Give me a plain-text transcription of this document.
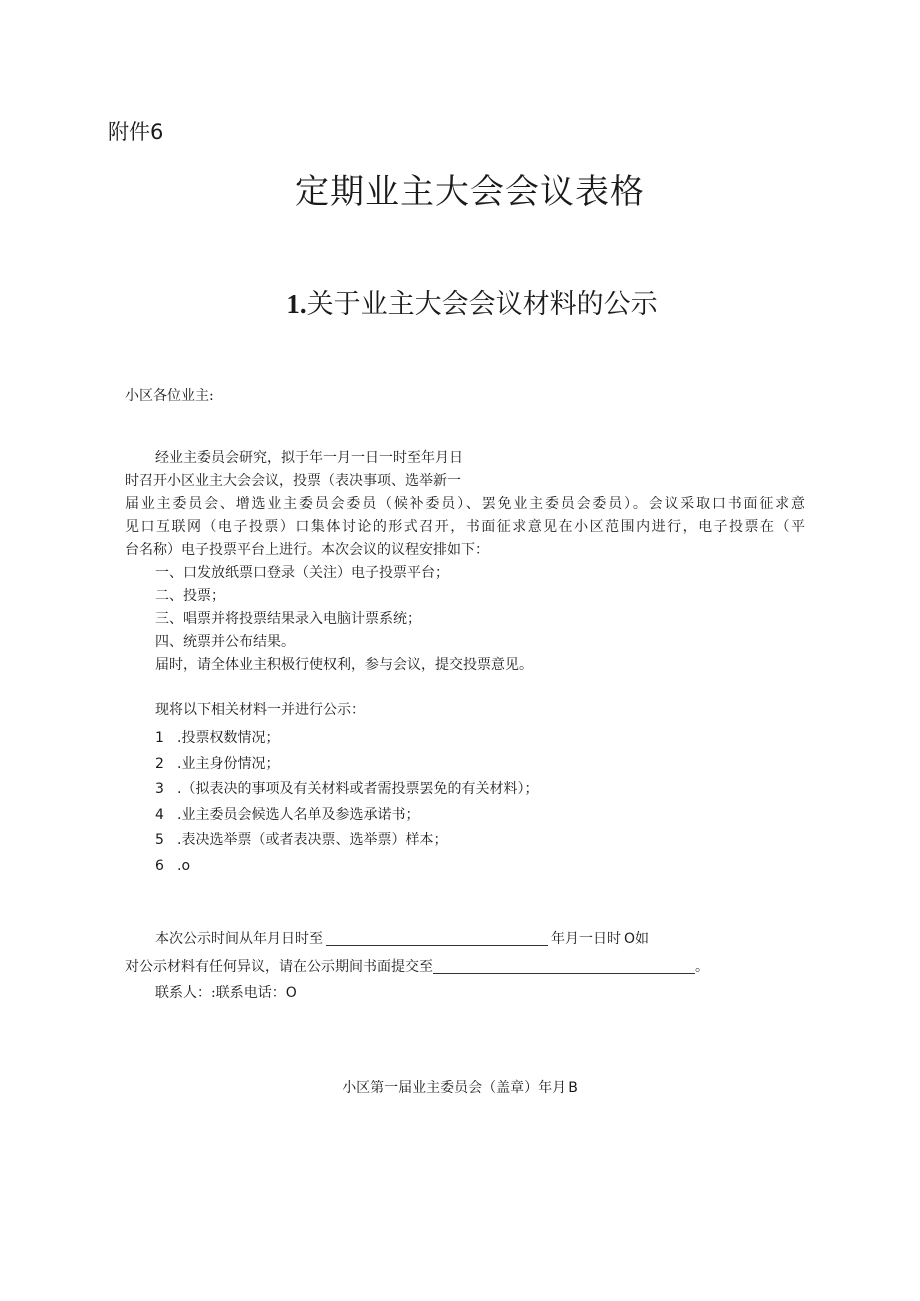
附件6
定期业主大会会议表格
1.关于业主大会会议材料的公示
小区各位业主:
经业主委员会研究，拟于年一月一日一时至年月日
时召开小区业主大会会议，投票（表决事项、选举新一
届业主委员会、增选业主委员会委员（候补委员）、罢免业主委员会委员）。会议采取口书面征求意
见口互联网（电子投票）口集体讨论的形式召开，书面征求意见在小区范围内进行，电子投票在（平
台名称）电子投票平台上进行。本次会议的议程安排如下：
一、口发放纸票口登录（关注）电子投票平台；
二、投票；
三、唱票并将投票结果录入电脑计票系统；
四、统票并公布结果。
届时，请全体业主积极行使权利，参与会议，提交投票意见。
现将以下相关材料一并进行公示：
1 .投票权数情况；
2 .业主身份情况；
3 .（拟表决的事项及有关材料或者需投票罢免的有关材料）；
4 .业主委员会候选人名单及参选承诺书；
5 .表决选举票（或者表决票、选举票）样本；
6 .o
本次公示时间从年月日时至	年月一日时 O如
对公示材料有任何异议，请在公示期间书面提交至	。
联系人：:联系电话：O
小区第一届业主委员会（盖章）年月 B
